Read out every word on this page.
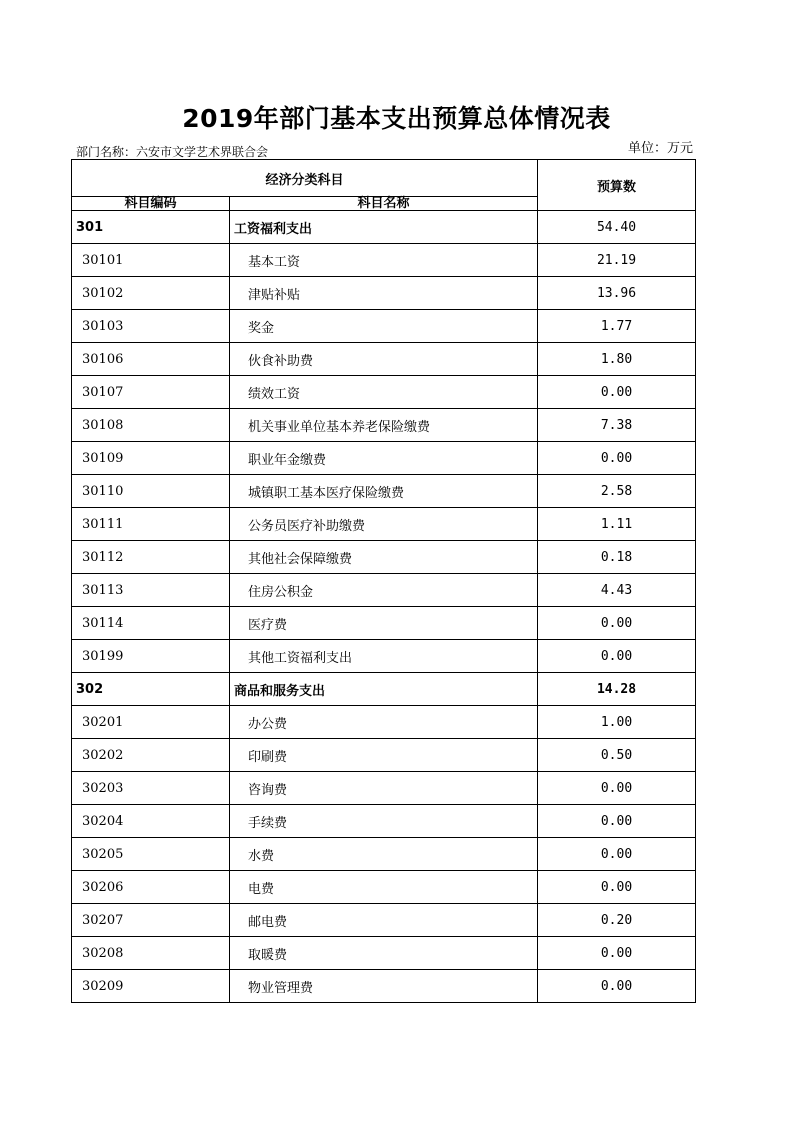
2019年部门基本支出预算总体情况表
部门名称：六安市文学艺术界联合会	单位：万元
经济分类科目		预算数
科目编码	科目名称	
301	工资福利支出	54.40
30101	基本工资	21.19
30102	津贴补贴	13.96
30103	奖金	1.77
30106	伙食补助费	1.80
30107	绩效工资	0.00
30108	机关事业单位基本养老保险缴费	7.38
30109	职业年金缴费	0.00
30110	城镇职工基本医疗保险缴费	2.58
30111	公务员医疗补助缴费	1.11
30112	其他社会保障缴费	0.18
30113	住房公积金	4.43
30114	医疗费	0.00
30199	其他工资福利支出	0.00
302	商品和服务支出	14.28
30201	办公费	1.00
30202	印刷费	0.50
30203	咨询费	0.00
30204	手续费	0.00
30205	水费	0.00
30206	电费	0.00
30207	邮电费	0.20
30208	取暖费	0.00
30209	物业管理费	0.00
